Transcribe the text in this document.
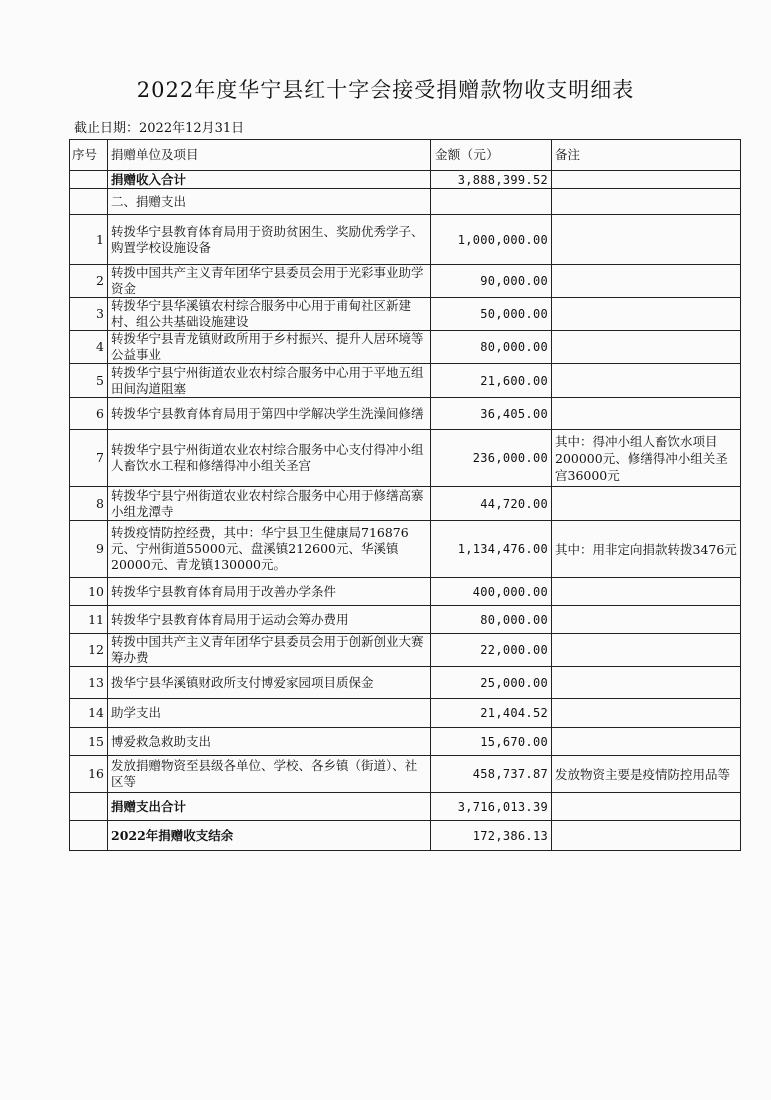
2022年度华宁县红十字会接受捐赠款物收支明细表
截止日期：2022年12月31日
序号	捐赠单位及项目	金额（元）	备注
	捐赠收入合计	3,888,399.52	
	二、捐赠支出		
1	转拨华宁县教育体育局用于资助贫困生、奖励优秀学子、购置学校设施设备	1,000,000.00	

2	转拨中国共产主义青年团华宁县委员会用于光彩事业助学资金	90,000.00	

3	转拨华宁县华溪镇农村综合服务中心用于甫甸社区新建村、组公共基础设施建设	50,000.00	

4	转拨华宁县青龙镇财政所用于乡村振兴、提升人居环境等公益事业	80,000.00	

5	转拨华宁县宁州街道农业农村综合服务中心用于平地五组田间沟道阻塞	21,600.00	

6	转拨华宁县教育体育局用于第四中学解决学生洗澡间修缮	36,405.00	

7	转拨华宁县宁州街道农业农村综合服务中心支付得冲小组人畜饮水工程和修缮得冲小组关圣宫	236,000.00	其中：得冲小组人畜饮水项目200000元、修缮得冲小组关圣宫36000元

8	转拨华宁县宁州街道农业农村综合服务中心用于修缮高寨小组龙潭寺	44,720.00	

9	转拨疫情防控经费，其中：华宁县卫生健康局716876元、宁州街道55000元、盘溪镇212600元、华溪镇20000元、青龙镇130000元。	1,134,476.00	其中：用非定向捐款转拨3476元

10	转拨华宁县教育体育局用于改善办学条件	400,000.00	

11	转拨华宁县教育体育局用于运动会筹办费用	80,000.00	

12	转拨中国共产主义青年团华宁县委员会用于创新创业大赛筹办费	22,000.00	

13	拨华宁县华溪镇财政所支付博爱家园项目质保金	25,000.00	

14	助学支出	21,404.52	

15	博爱救急救助支出	15,670.00	

16	发放捐赠物资至县级各单位、学校、各乡镇（街道）、社区等	458,737.87	发放物资主要是疫情防控用品等

	捐赠支出合计	3,716,013.39	
	2022年捐赠收支结余	172,386.13	
